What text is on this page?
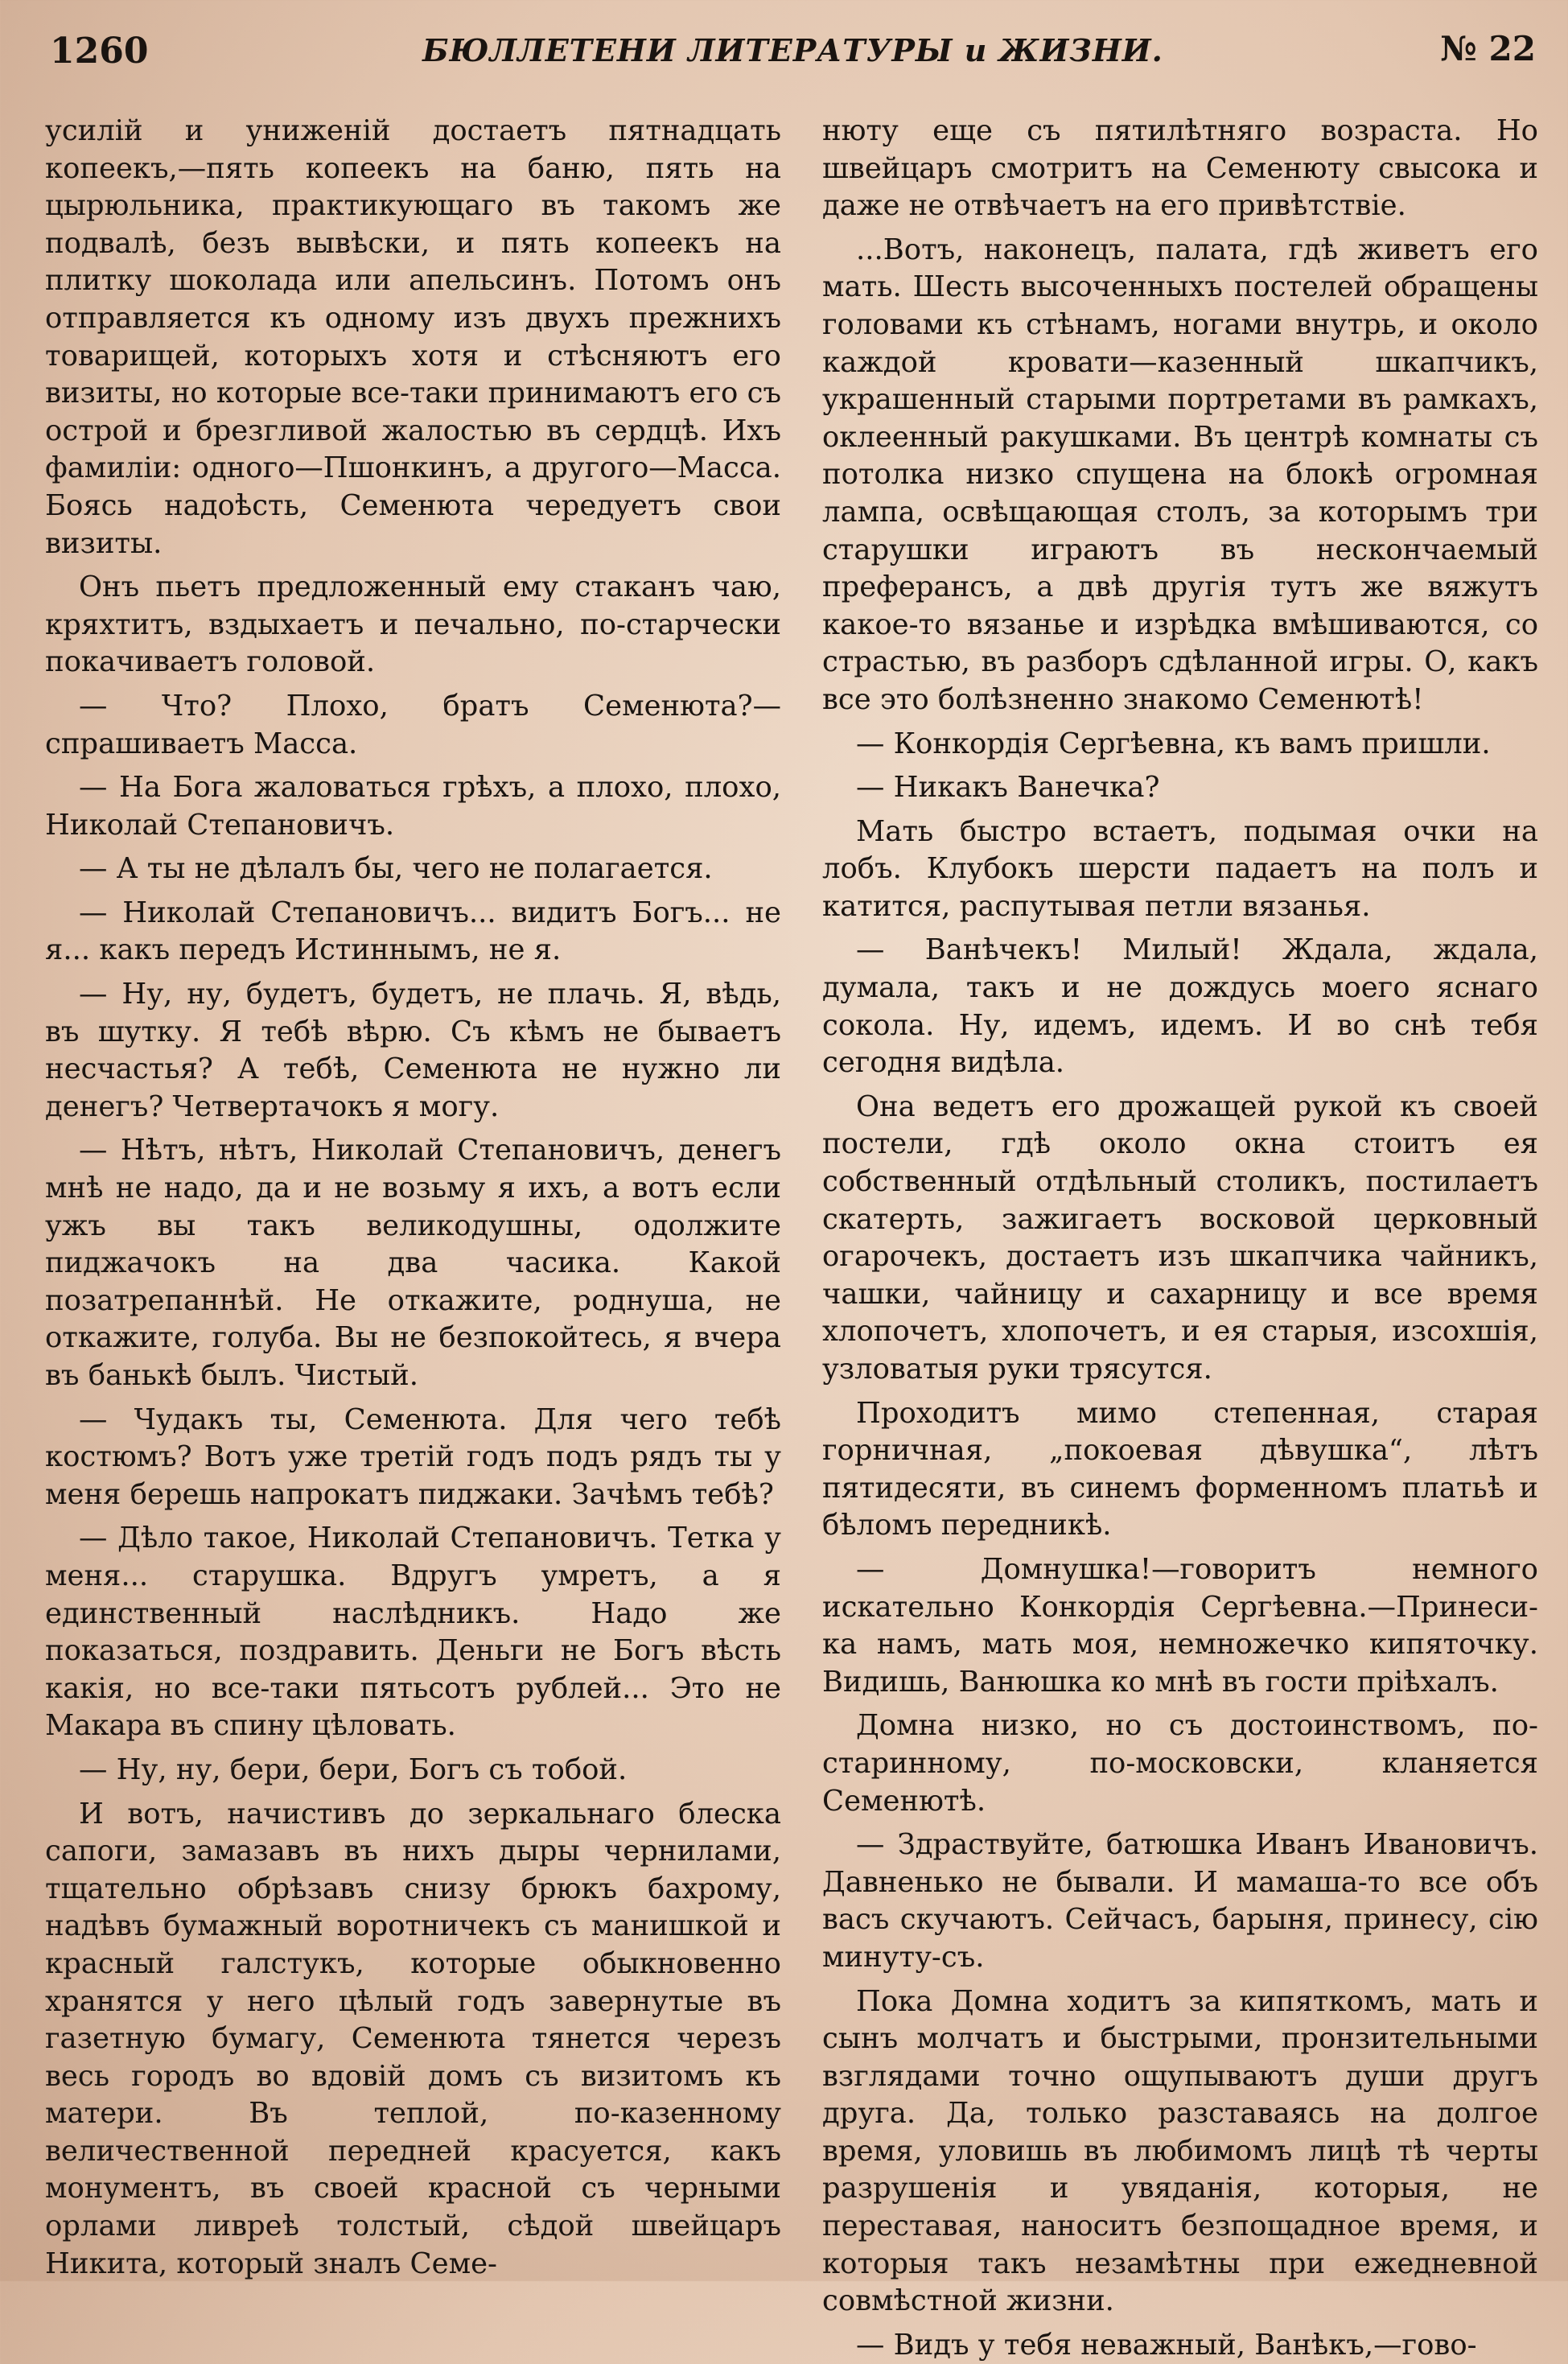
1260	БЮЛЛЕТЕНИ ЛИТЕРАТУРЫ и ЖИЗНИ.	№ 22

усилій и униженій достаетъ пятнадцать копеекъ,—пять копеекъ на баню, пять на цырюльника, практикующаго въ такомъ же подвалѣ, безъ вывѣски, и пять копеекъ на плитку шоколада или апельсинъ. Потомъ онъ отправляется къ одному изъ двухъ прежнихъ товарищей, которыхъ хотя и стѣсняютъ его визиты, но которые все-таки принимаютъ его съ острой и брезгливой жалостью въ сердцѣ. Ихъ фамиліи: одного—Пшонкинъ, а другого—Масса. Боясь надоѣсть, Семенюта чередуетъ свои визиты.

Онъ пьетъ предложенный ему стаканъ чаю, кряхтитъ, вздыхаетъ и печально, по-старчески покачиваетъ головой.

— Что? Плохо, братъ Семенюта?—спрашиваетъ Масса.

— На Бога жаловаться грѣхъ, а плохо, плохо, Николай Степановичъ.

— А ты не дѣлалъ бы, чего не полагается.

— Николай Степановичъ... видитъ Богъ... не я... какъ передъ Истиннымъ, не я.

— Ну, ну, будетъ, будетъ, не плачь. Я, вѣдь, въ шутку. Я тебѣ вѣрю. Съ кѣмъ не бываетъ несчастья? А тебѣ, Семенюта не нужно ли денегъ? Четвертачокъ я могу.

— Нѣтъ, нѣтъ, Николай Степановичъ, денегъ мнѣ не надо, да и не возьму я ихъ, а вотъ если ужъ вы такъ великодушны, одолжите пиджачокъ на два часика. Какой позатрепаннѣй. Не откажите, роднуша, не откажите, голуба. Вы не безпокойтесь, я вчера въ банькѣ былъ. Чистый.

— Чудакъ ты, Семенюта. Для чего тебѣ костюмъ? Вотъ уже третій годъ подъ рядъ ты у меня берешь напрокатъ пиджаки. Зачѣмъ тебѣ?

— Дѣло такое, Николай Степановичъ. Тетка у меня... старушка. Вдругъ умретъ, а я единственный наслѣдникъ. Надо же показаться, поздравить. Деньги не Богъ вѣсть какія, но все-таки пятьсотъ рублей... Это не Макара въ спину цѣловать.

— Ну, ну, бери, бери, Богъ съ тобой.

И вотъ, начистивъ до зеркальнаго блеска сапоги, замазавъ въ нихъ дыры чернилами, тщательно обрѣзавъ снизу брюкъ бахрому, надѣвъ бумажный воротничекъ съ манишкой и красный галстукъ, которые обыкновенно хранятся у него цѣлый годъ завернутые въ газетную бумагу, Семенюта тянется черезъ весь городъ во вдовій домъ съ визитомъ къ матери. Въ теплой, по-казенному величественной передней красуется, какъ монументъ, въ своей красной съ черными орлами ливреѣ толстый, сѣдой швейцаръ Никита, который зналъ Семе-

нюту еще съ пятилѣтняго возраста. Но швейцаръ смотритъ на Семенюту свысока и даже не отвѣчаетъ на его привѣтствіе.

...Вотъ, наконецъ, палата, гдѣ живетъ его мать. Шесть высоченныхъ постелей обращены головами къ стѣнамъ, ногами внутрь, и около каждой кровати—казенный шкапчикъ, украшенный старыми портретами въ рамкахъ, оклеенный ракушками. Въ центрѣ комнаты съ потолка низко спущена на блокѣ огромная лампа, освѣщающая столъ, за которымъ три старушки играютъ въ нескончаемый преферансъ, а двѣ другія тутъ же вяжутъ какое-то вязанье и изрѣдка вмѣшиваются, со страстью, въ разборъ сдѣланной игры. О, какъ все это болѣзненно знакомо Семенютѣ!

— Конкордія Сергѣевна, къ вамъ пришли.

— Никакъ Ванечка?

Мать быстро встаетъ, подымая очки на лобъ. Клубокъ шерсти падаетъ на полъ и катится, распутывая петли вязанья.

— Ванѣчекъ! Милый! Ждала, ждала, думала, такъ и не дождусь моего яснаго сокола. Ну, идемъ, идемъ. И во снѣ тебя сегодня видѣла.

Она ведетъ его дрожащей рукой къ своей постели, гдѣ около окна стоитъ ея собственный отдѣльный столикъ, постилаетъ скатерть, зажигаетъ восковой церковный огарочекъ, достаетъ изъ шкапчика чайникъ, чашки, чайницу и сахарницу и все время хлопочетъ, хлопочетъ, и ея старыя, изсохшія, узловатыя руки трясутся.

Проходитъ мимо степенная, старая горничная, „покоевая дѣвушка“, лѣтъ пятидесяти, въ синемъ форменномъ платьѣ и бѣломъ передникѣ.

— Домнушка!—говоритъ немного искательно Конкордія Сергѣевна.—Принеси-ка намъ, мать моя, немножечко кипяточку. Видишь, Ванюшка ко мнѣ въ гости пріѣхалъ.

Домна низко, но съ достоинствомъ, по-старинному, по-московски, кланяется Семенютѣ.

— Здраствуйте, батюшка Иванъ Ивановичъ. Давненько не бывали. И мамаша-то все объ васъ скучаютъ. Сейчасъ, барыня, принесу, сію минуту-съ.

Пока Домна ходитъ за кипяткомъ, мать и сынъ молчатъ и быстрыми, пронзительными взглядами точно ощупываютъ души другъ друга. Да, только разставаясь на долгое время, уловишь въ любимомъ лицѣ тѣ черты разрушенія и увяданія, которыя, не переставая, наноситъ безпощадное время, и которыя такъ незамѣтны при ежедневной совмѣстной жизни.

— Видъ у тебя неважный, Ванѣкъ,—гово-
